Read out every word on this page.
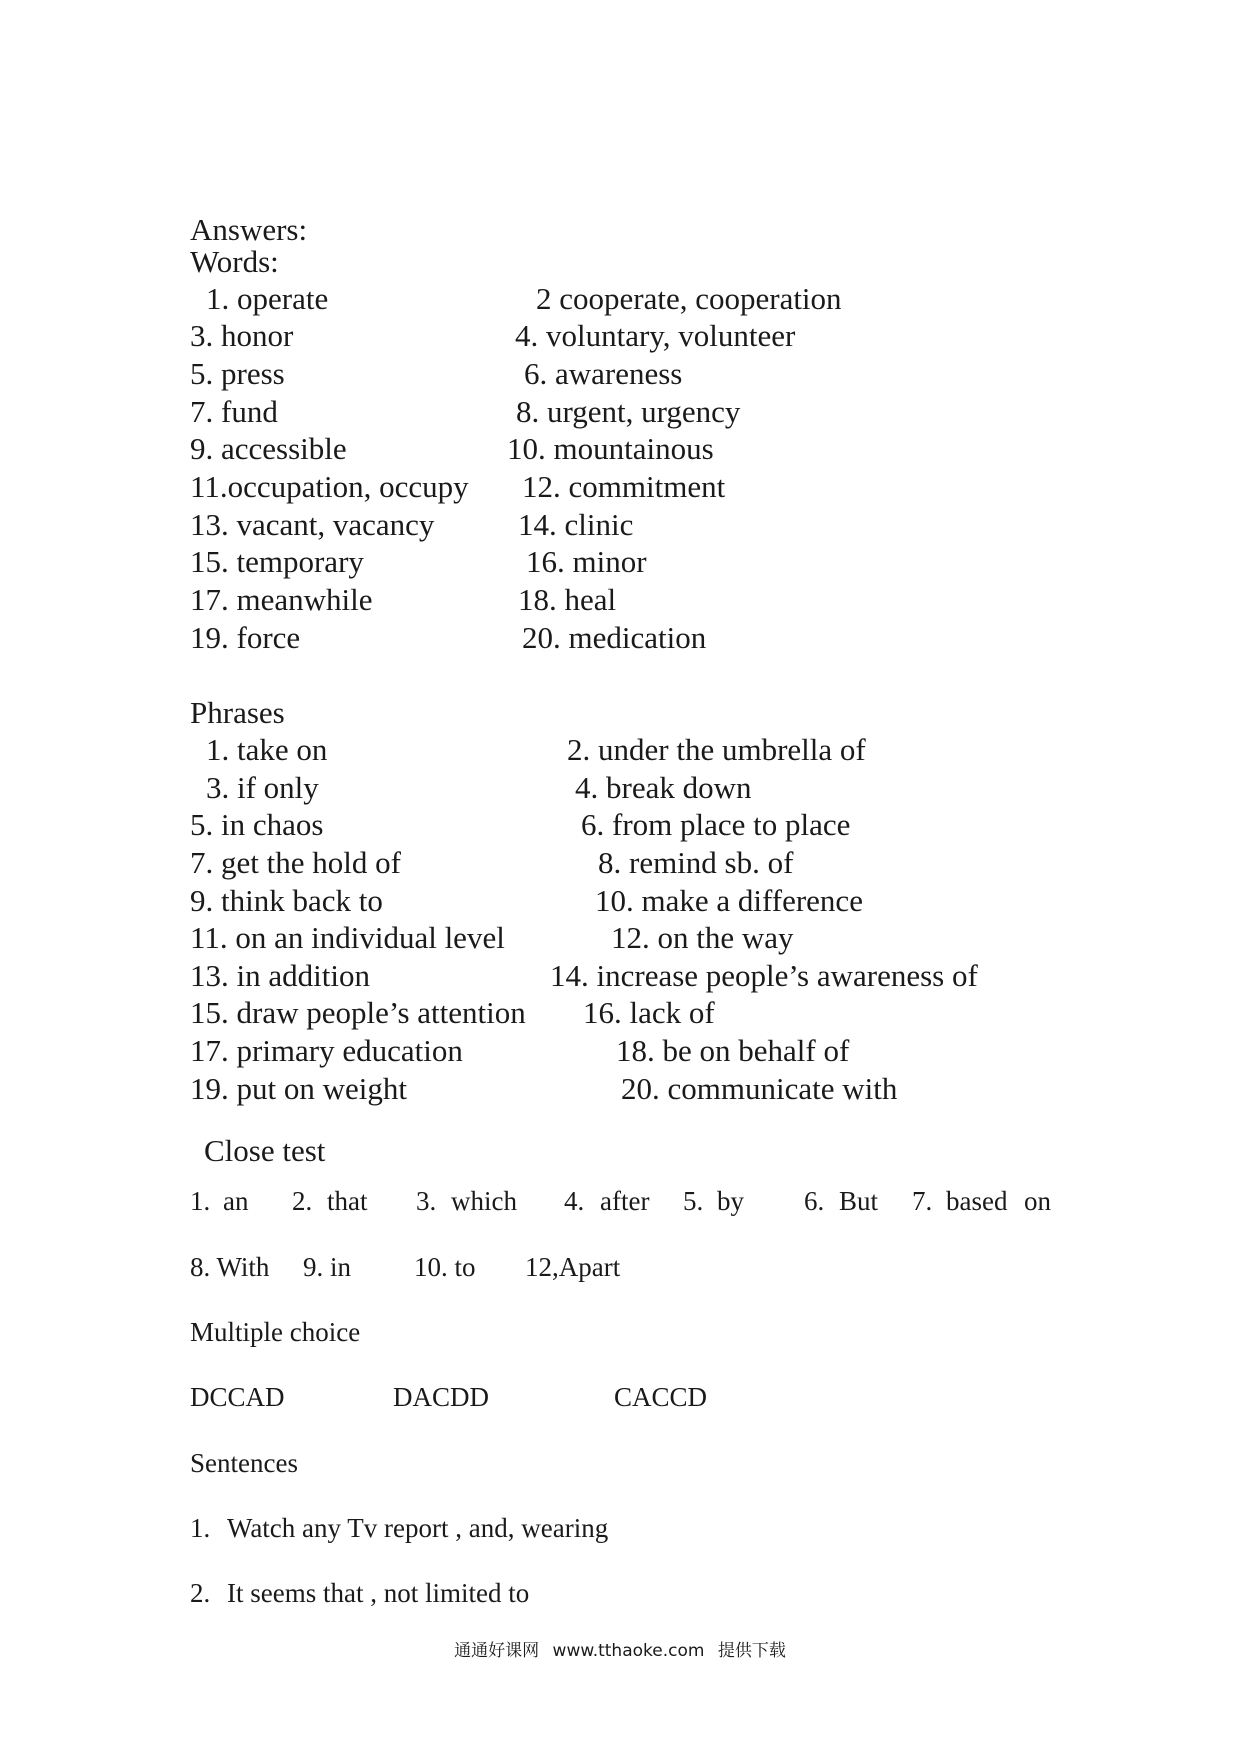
Answers:
Words:
1. operate	2 cooperate, cooperation
3. honor	4. voluntary, volunteer
5. press	6. awareness
7. fund	8. urgent, urgency
9. accessible	10. mountainous
11.occupation, occupy 12. commitment
13. vacant, vacancy	14. clinic
15. temporary	16. minor
17. meanwhile	18. heal
19. force	20. medication
Phrases
1. take on	2. under the umbrella of
3. if only	4. break down
5. in chaos	6. from place to place
7. get the hold of	8. remind sb. of
9. think back to	10. make a difference
11. on an individual level	12. on the way
13. in addition	14. increase people’s awareness of
15. draw people’s attention 16. lack of
17. primary education	18. be on behalf of
19. put on weight	20. communicate with
Close test
1. an 2. that 3. which 4. after 5. by 6. But 7. based on
8. With 9. in 10. to 12,Apart
Multiple choice
DCCAD	DACDD	CACCD
Sentences
1. Watch any Tv report , and, wearing
2. It seems that , not limited to
通通好课网 www.tthaoke.com 提供下载
